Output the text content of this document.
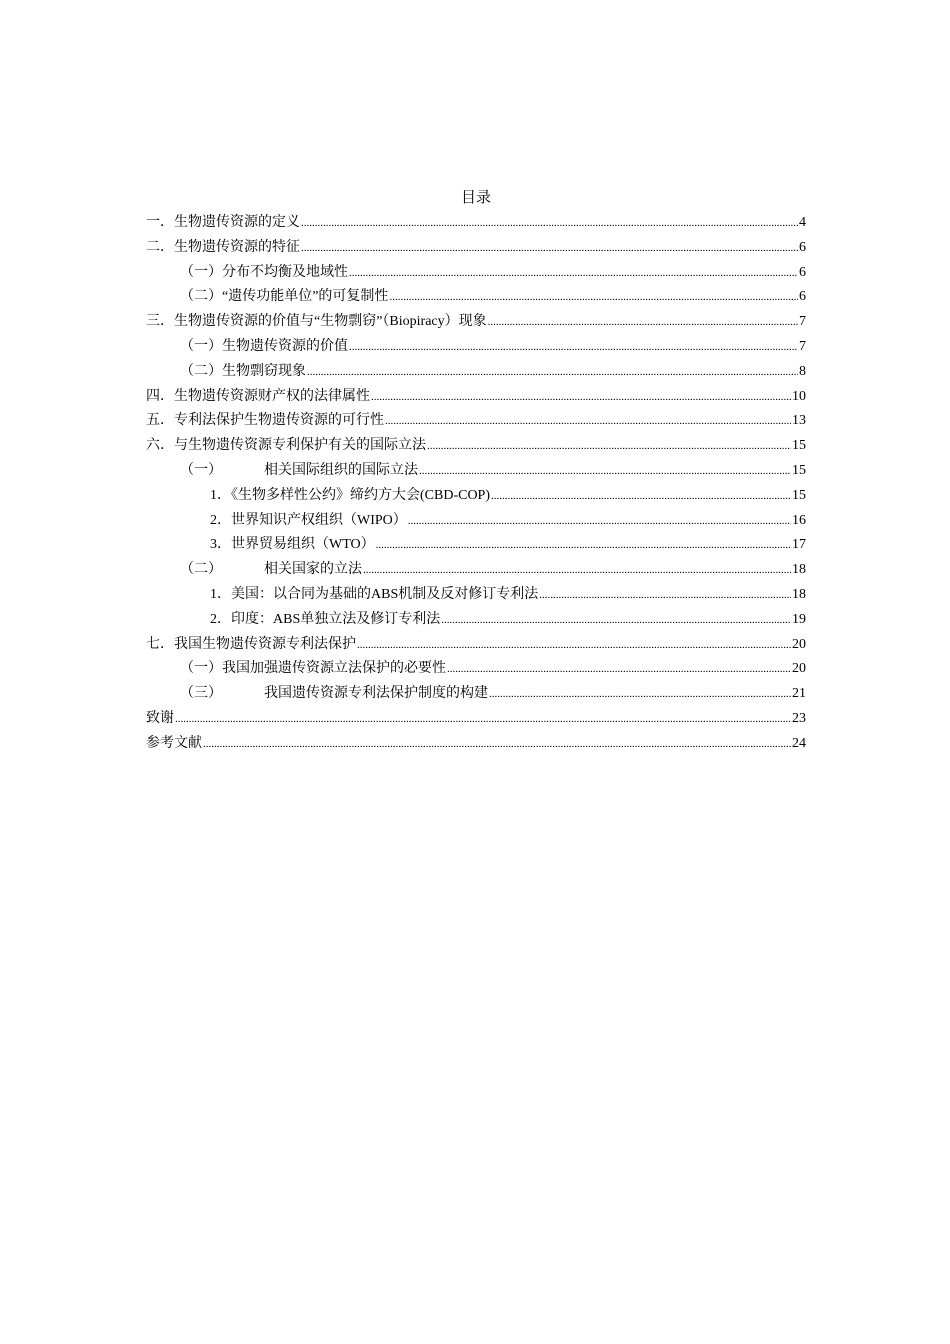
目录
一．生物遗传资源的定义 .....	4
二．生物遗传资源的特征 .....	6
（一）分布不均衡及地域性 .....	6
（二）“遗传功能单位”的可复制性 .....	6
三．生物遗传资源的价值与“生物剽窃”（Biopiracy）现象 .....	7
（一）生物遗传资源的价值 .....	7
（二）生物剽窃现象 .....	8
四．生物遗传资源财产权的法律属性 .....	10
五．专利法保护生物遗传资源的可行性 .....	13
六．与生物遗传资源专利保护有关的国际立法 .....	15
（一）	相关国际组织的国际立法 .....	15
1．《生物多样性公约》缔约方大会(CBD-COP) .....	15
2．世界知识产权组织（WIPO） .....	16
3．世界贸易组织（WTO） .....	17
（二）	相关国家的立法 .....	18
1．美国：以合同为基础的ABS机制及反对修订专利法 .....	18
2．印度：ABS单独立法及修订专利法 .....	19
七．我国生物遗传资源专利法保护 .....	20
（一）我国加强遗传资源立法保护的必要性 .....	20
（三）	我国遗传资源专利法保护制度的构建 .....	21
致谢 .....	23
参考文献 .....	24
